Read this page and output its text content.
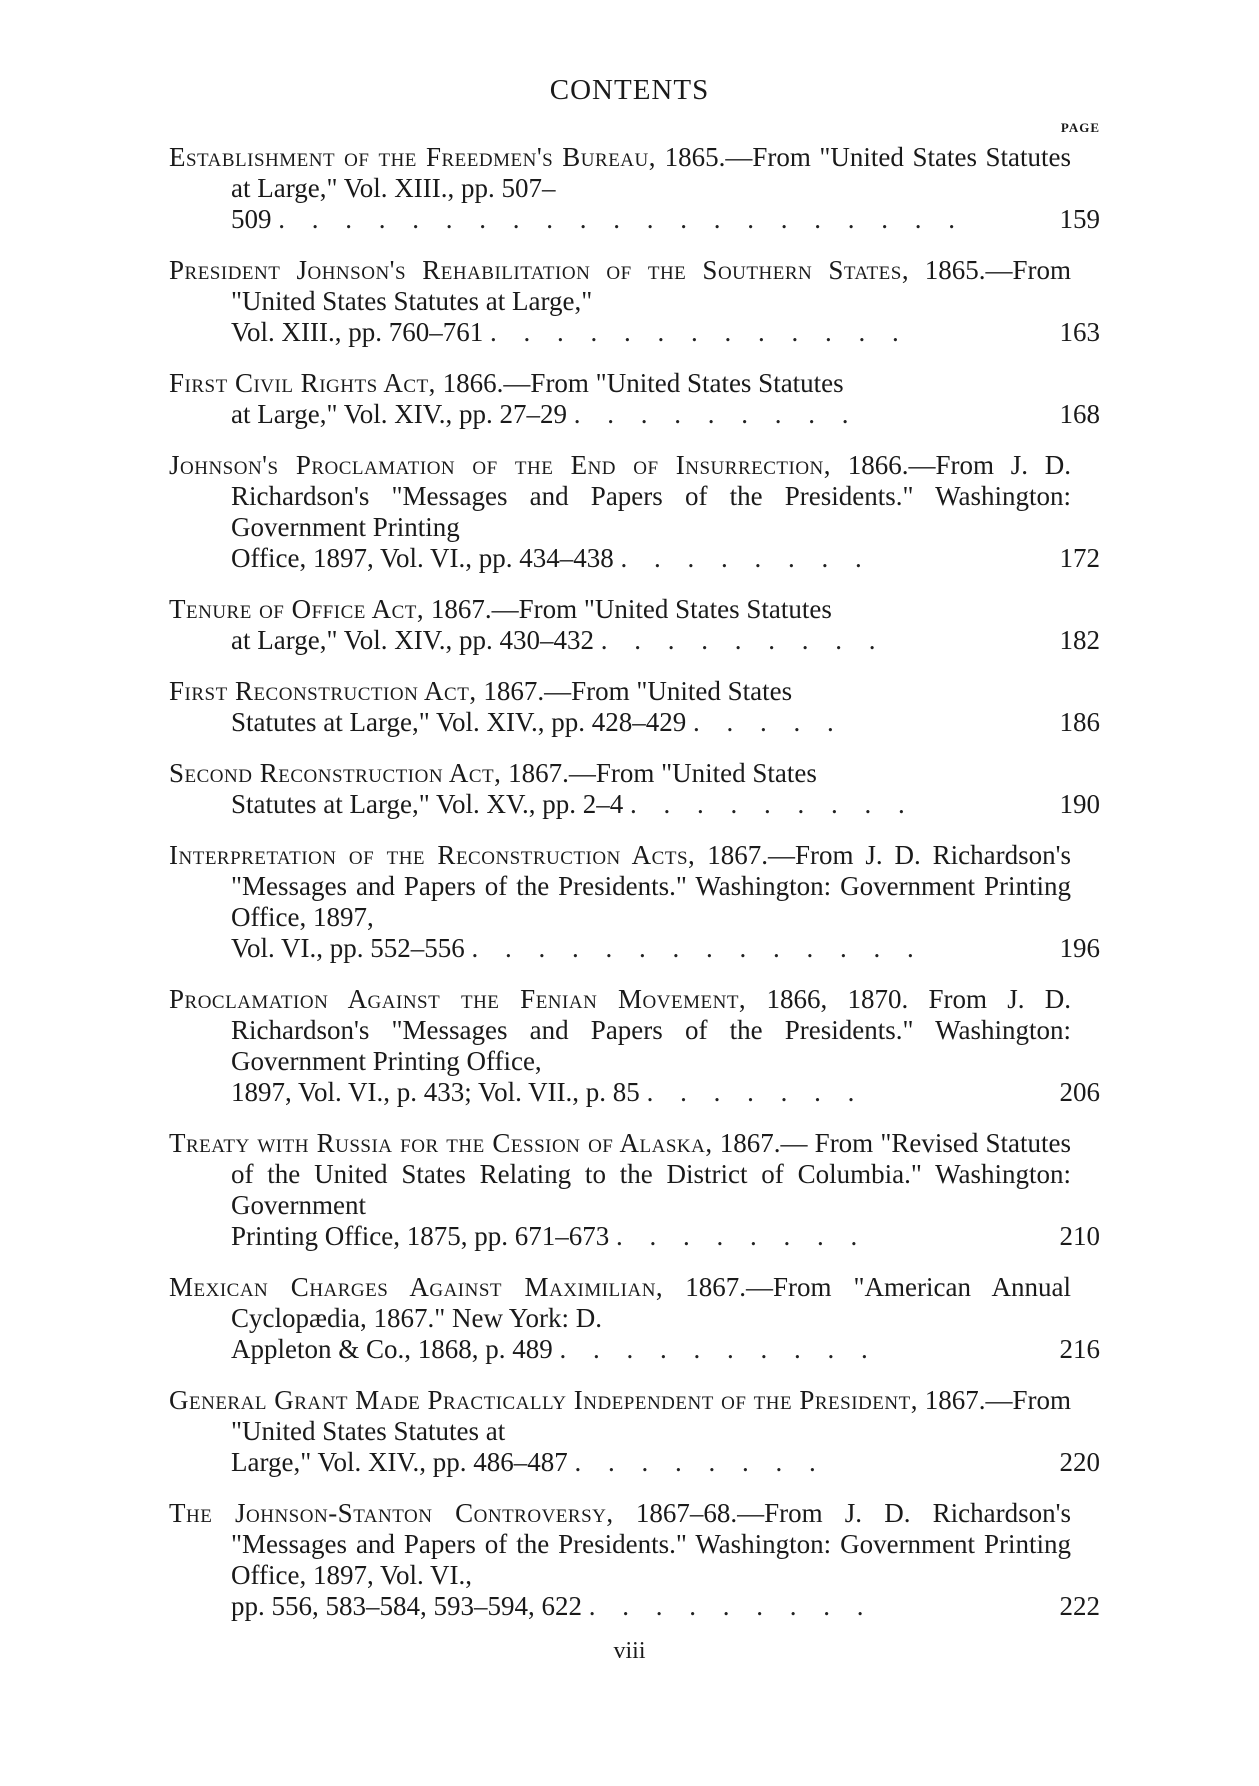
CONTENTS
PAGE
Establishment of the Freedmen's Bureau, 1865.—From "United States Statutes at Large," Vol. XIII., pp. 507–
509 . . . . . . . . . . . . . . . . . . . . .	159
President Johnson's Rehabilitation of the Southern States, 1865.—From "United States Statutes at Large,"
Vol. XIII., pp. 760–761 . . . . . . . . . . . . .	163
First Civil Rights Act, 1866.—From "United States Statutes
at Large," Vol. XIV., pp. 27–29 . . . . . . . . .	168
Johnson's Proclamation of the End of Insurrection, 1866.—From J. D. Richardson's "Messages and Papers of the Presidents." Washington: Government Printing
Office, 1897, Vol. VI., pp. 434–438 . . . . . . . .	172
Tenure of Office Act, 1867.—From "United States Statutes
at Large," Vol. XIV., pp. 430–432 . . . . . . . . .	182
First Reconstruction Act, 1867.—From "United States
Statutes at Large," Vol. XIV., pp. 428–429 . . . . .	186
Second Reconstruction Act, 1867.—From "United States
Statutes at Large," Vol. XV., pp. 2–4 . . . . . . . . .	190
Interpretation of the Reconstruction Acts, 1867.—From J. D. Richardson's "Messages and Papers of the Presidents." Washington: Government Printing Office, 1897,
Vol. VI., pp. 552–556 . . . . . . . . . . . . . .	196
Proclamation Against the Fenian Movement, 1866, 1870. From J. D. Richardson's "Messages and Papers of the Presidents." Washington: Government Printing Office,
1897, Vol. VI., p. 433; Vol. VII., p. 85 . . . . . . .	206
Treaty with Russia for the Cession of Alaska, 1867.— From "Revised Statutes of the United States Relating to the District of Columbia." Washington: Government
Printing Office, 1875, pp. 671–673 . . . . . . . .	210
Mexican Charges Against Maximilian, 1867.—From "American Annual Cyclopædia, 1867." New York: D.
Appleton & Co., 1868, p. 489 . . . . . . . . . .	216
General Grant Made Practically Independent of the President, 1867.—From "United States Statutes at
Large," Vol. XIV., pp. 486–487 . . . . . . . .	220
The Johnson-Stanton Controversy, 1867–68.—From J. D. Richardson's "Messages and Papers of the Presidents." Washington: Government Printing Office, 1897, Vol. VI.,
pp. 556, 583–584, 593–594, 622 . . . . . . . . .	222
viii
